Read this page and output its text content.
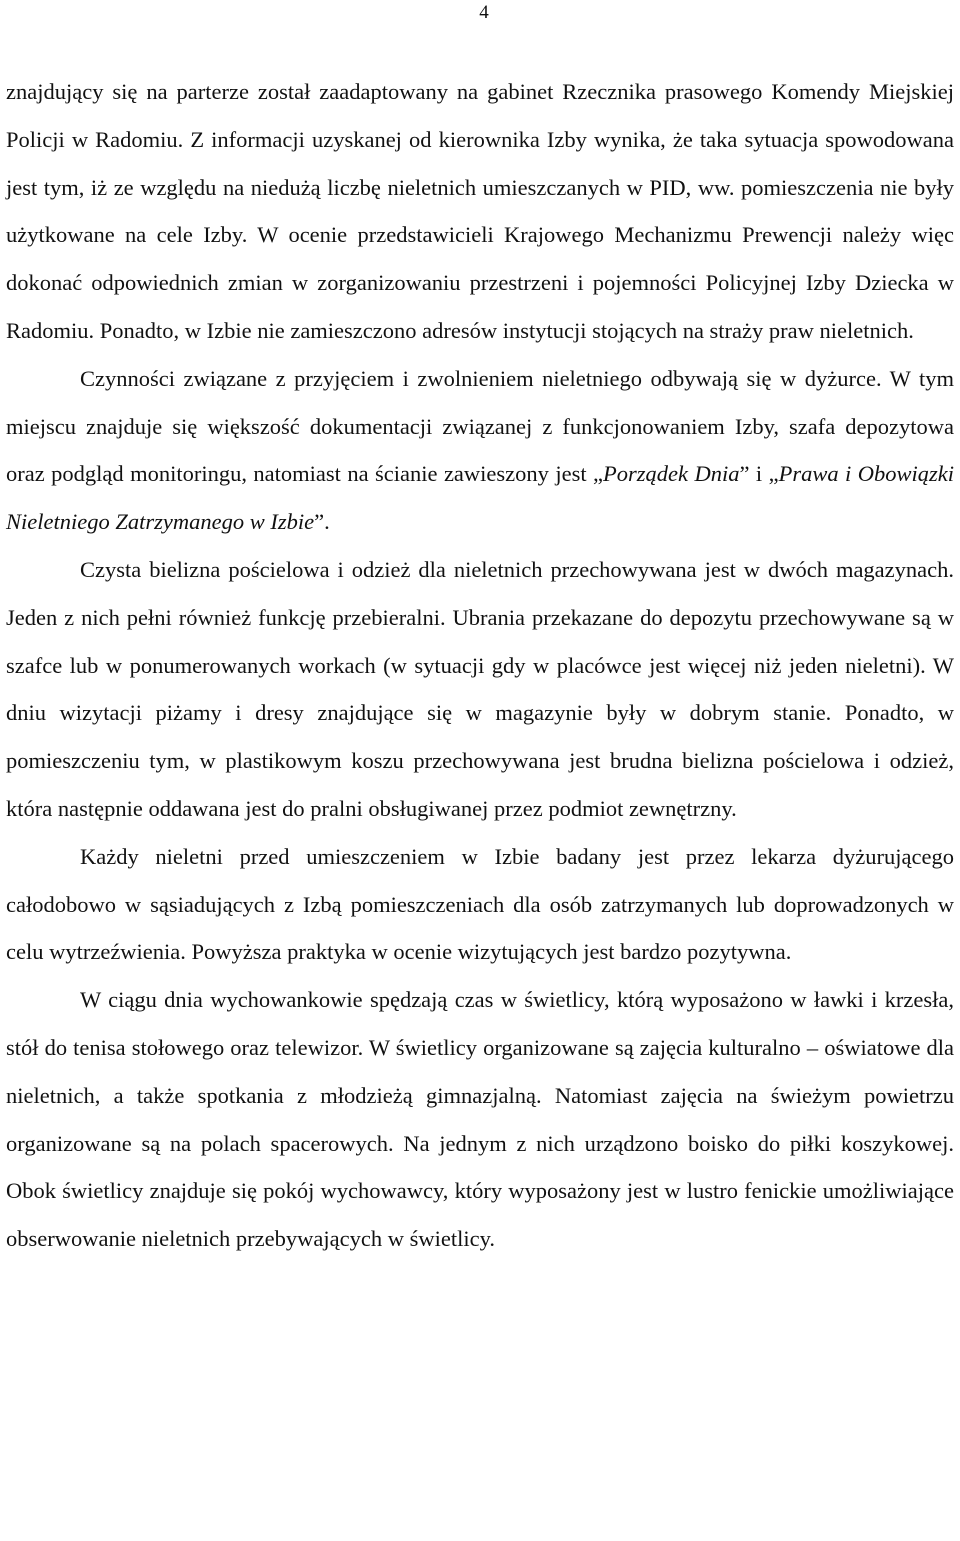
4

znajdujący się na parterze został zaadaptowany na gabinet Rzecznika prasowego Komendy Miejskiej Policji w Radomiu. Z informacji uzyskanej od kierownika Izby wynika, że taka sytuacja spowodowana jest tym, iż ze względu na niedużą liczbę nieletnich umieszczanych w PID, ww. pomieszczenia nie były użytkowane na cele Izby. W ocenie przedstawicieli Krajowego Mechanizmu Prewencji należy więc dokonać odpowiednich zmian w zorganizowaniu przestrzeni i pojemności Policyjnej Izby Dziecka w Radomiu. Ponadto, w Izbie nie zamieszczono adresów instytucji stojących na straży praw nieletnich.

Czynności związane z przyjęciem i zwolnieniem nieletniego odbywają się w dyżurce. W tym miejscu znajduje się większość dokumentacji związanej z funkcjonowaniem Izby, szafa depozytowa oraz podgląd monitoringu, natomiast na ścianie zawieszony jest „Porządek Dnia” i „Prawa i Obowiązki Nieletniego Zatrzymanego w Izbie”.

Czysta bielizna pościelowa i odzież dla nieletnich przechowywana jest w dwóch magazynach. Jeden z nich pełni również funkcję przebieralni. Ubrania przekazane do depozytu przechowywane są w szafce lub w ponumerowanych workach (w sytuacji gdy w placówce jest więcej niż jeden nieletni). W dniu wizytacji piżamy i dresy znajdujące się w magazynie były w dobrym stanie. Ponadto, w pomieszczeniu tym, w plastikowym koszu przechowywana jest brudna bielizna pościelowa i odzież, która następnie oddawana jest do pralni obsługiwanej przez podmiot zewnętrzny.

Każdy nieletni przed umieszczeniem w Izbie badany jest przez lekarza dyżurującego całodobowo w sąsiadujących z Izbą pomieszczeniach dla osób zatrzymanych lub doprowadzonych w celu wytrzeźwienia. Powyższa praktyka w ocenie wizytujących jest bardzo pozytywna.

W ciągu dnia wychowankowie spędzają czas w świetlicy, którą wyposażono w ławki i krzesła, stół do tenisa stołowego oraz telewizor. W świetlicy organizowane są zajęcia kulturalno – oświatowe dla nieletnich, a także spotkania z młodzieżą gimnazjalną. Natomiast zajęcia na świeżym powietrzu organizowane są na polach spacerowych. Na jednym z nich urządzono boisko do piłki koszykowej. Obok świetlicy znajduje się pokój wychowawcy, który wyposażony jest w lustro fenickie umożliwiające obserwowanie nieletnich przebywających w świetlicy.
